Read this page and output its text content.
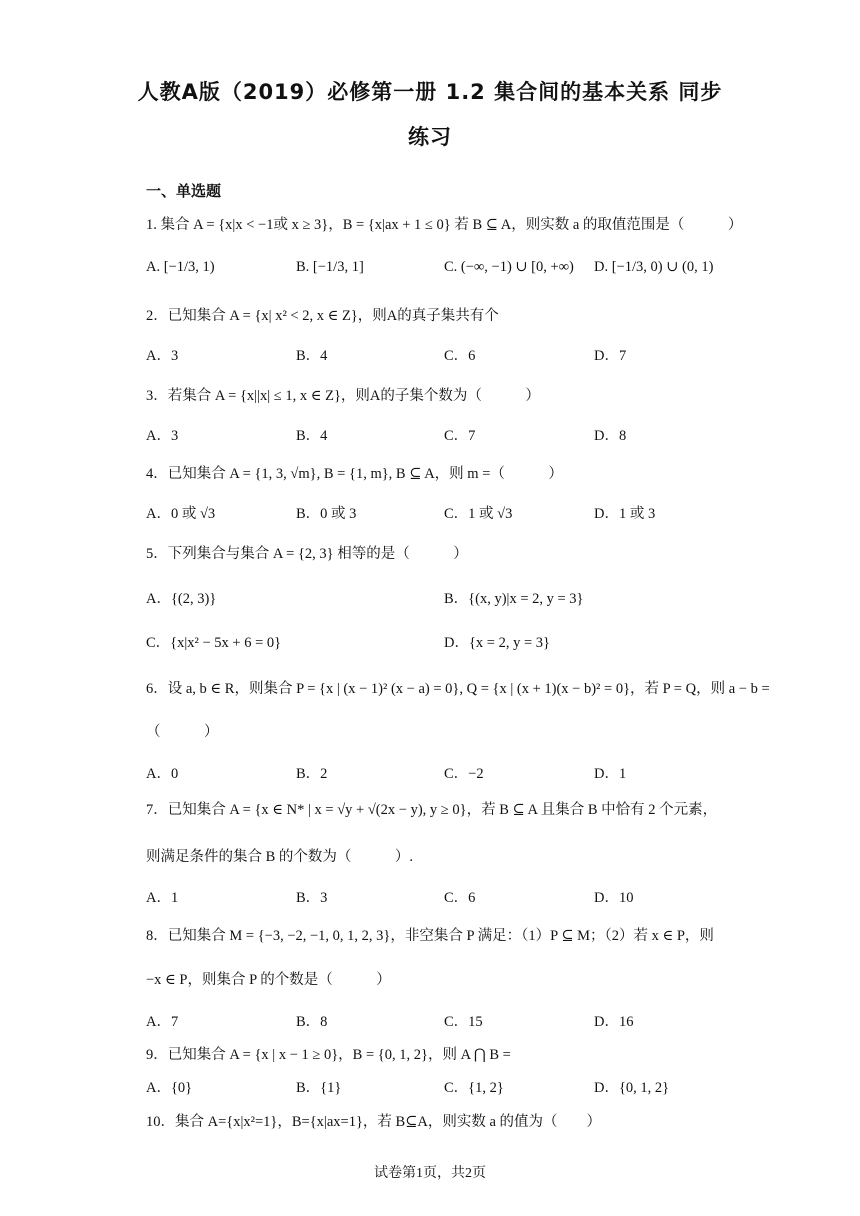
人教A版（2019）必修第一册 1.2 集合间的基本关系 同步
练习
一、单选题
1. 集合 A = {x|x < −1或 x ≥ 3}，B = {x|ax + 1 ≤ 0} 若 B ⊆ A，则实数 a 的取值范围是（　　　）
A. [−1/3, 1)	B. [−1/3, 1]	C. (−∞, −1) ∪ [0, +∞) D. [−1/3, 0) ∪ (0, 1)
2．已知集合 A = {x| x² < 2, x ∈ Z}，则A的真子集共有个
A．3	B．4	C．6	D．7
3．若集合 A = {x||x| ≤ 1, x ∈ Z}，则A的子集个数为（　　　）
A．3	B．4	C．7	D．8
4．已知集合 A = {1, 3, √m}, B = {1, m}, B ⊆ A，则 m =（　　　）
A．0 或 √3	B．0 或 3	C．1 或 √3	D．1 或 3
5．下列集合与集合 A = {2, 3} 相等的是（　　　）
A．{(2, 3)}	B．{(x, y)|x = 2, y = 3}
C．{x|x² − 5x + 6 = 0}	D．{x = 2, y = 3}
6．设 a, b ∈ R，则集合 P = {x | (x − 1)² (x − a) = 0}, Q = {x | (x + 1)(x − b)² = 0}，若 P = Q，则 a − b =
（　　　）
A．0	B．2	C．−2	D．1
7．已知集合 A = {x ∈ N* | x = √y + √(2x − y), y ≥ 0}，若 B ⊆ A 且集合 B 中恰有 2 个元素，
则满足条件的集合 B 的个数为（　　　）.
A．1	B．3	C．6	D．10
8．已知集合 M = {−3, −2, −1, 0, 1, 2, 3}，非空集合 P 满足：（1）P ⊆ M；（2）若 x ∈ P，则
−x ∈ P，则集合 P 的个数是（　　　）
A．7	B．8	C．15	D．16
9．已知集合 A = {x | x − 1 ≥ 0}，B = {0, 1, 2}，则 A ⋂ B =
A．{0}	B．{1}	C．{1, 2}	D．{0, 1, 2}
10．集合 A={x|x²=1}，B={x|ax=1}，若 B⊆A，则实数 a 的值为（　　）
试卷第1页，共2页
